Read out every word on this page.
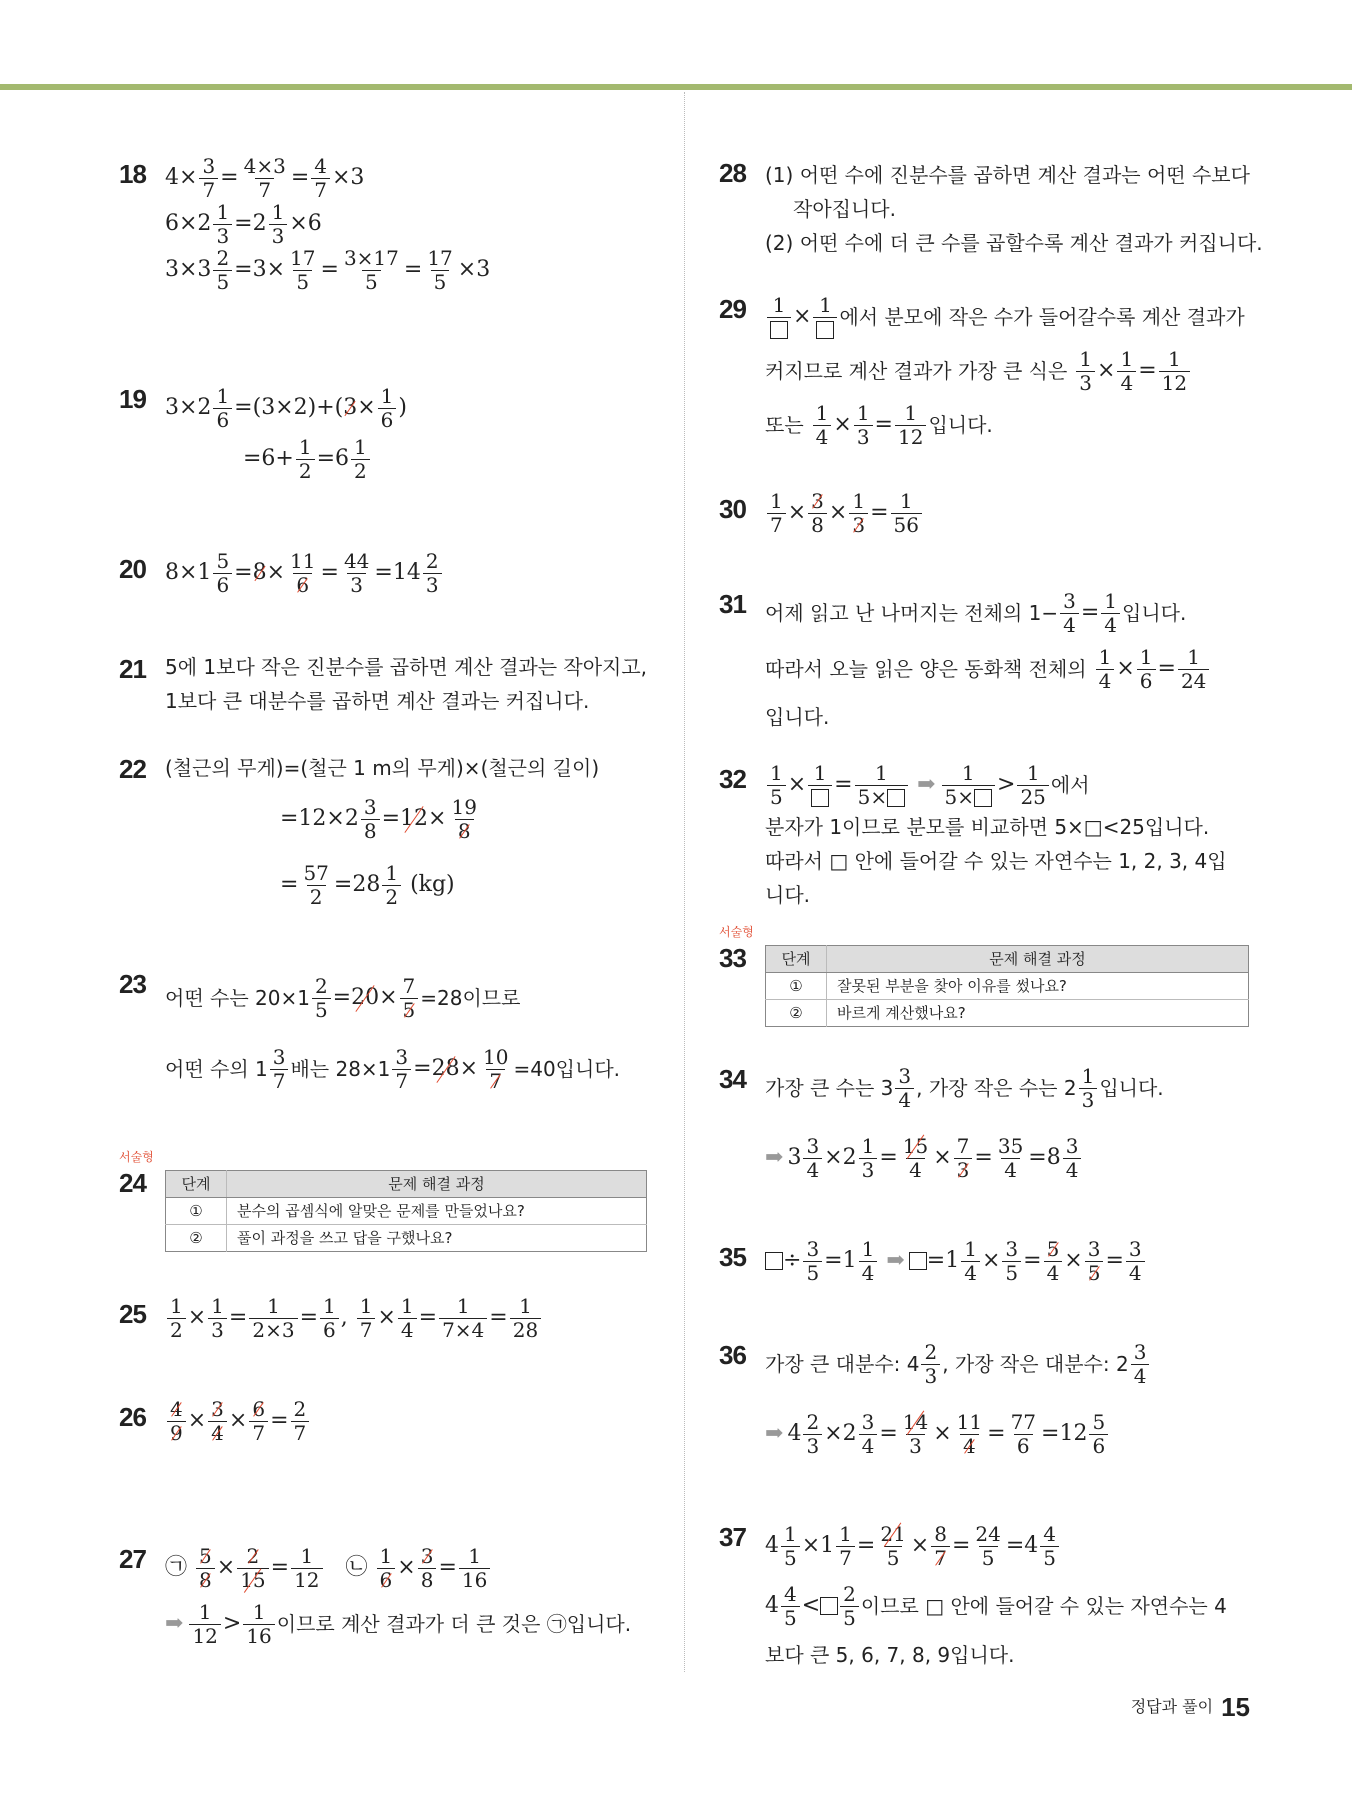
18 $4\times \frac{3}{7} = \frac{4\times 3}{7} = \frac{4}{7} \times 3$
$6\times 2 \frac{1}{3} =2 \frac{1}{3} \times 6$
$3\times 3 \frac{2}{5} =3\times \frac{17}{5} = \frac{3\times 17}{5} = \frac{17}{5} \times 3$
19 $3\times 2 \frac{1}{6} =(3\times 2)+$( $3 \times \frac{1}{6}$ )
$=6+ \frac{1}{2} =6 \frac{1}{2}$
20 $8\times 1 \frac{5}{6} = 8 \times \frac{11}{6} = \frac{44}{3} =14 \frac{2}{3}$
21 5에 1보다 작은 진분수를 곱하면 계산 결과는 작아지고,
1보다 큰 대분수를 곱하면 계산 결과는 커집니다.
22 (철근의 무게)=(철근 1 m의 무게)×(철근의 길이)
$=12\times 2 \frac{3}{8} = 12 \times \frac{19}{8}$
= $\frac{57}{2} =28 \frac{1}{2}$
(kg)
23 어떤 수는 $20\times 1 \frac{2}{5} = 20 \times \frac{7}{5} =28$이므로
어떤 수의 $1 \frac{3}{7}$ 배는 $28\times 1 \frac{3}{7} = 28 \times \frac{10}{7} =40$입니다.
서술형
24 단계	문제 해결 과정
①	분수의 곱셈식에 알맞은 문제를 만들었나요?
②	풀이 과정을 쓰고 답을 구했나요?
$25 \frac{1}{2} \times \frac{1}{3} = \frac{1}{2\times 3} = \frac{1}{6}$ , $\frac{1}{7} \times \frac{1}{4} = \frac{1}{7\times 4} = \frac{1}{28}$
$26 \frac{4}{9} \times \frac{3}{4} \times \frac{6}{7} = \frac{2}{7}$
27 ㉠
$\frac{5}{8} \times \frac{2}{15} = \frac{1}{12}$
㉡
$\frac{1}{6} \times \frac{3}{8} = \frac{1}{16}$
➡ $\frac{1}{12} > \frac{1}{16}$ 이므로 계산 결과가 더 큰 것은 ㉠입니다.
28 (1) 어떤 수에 진분수를 곱하면 계산 결과는 어떤 수보다
작아집니다.
(2) 어떤 수에 더 큰 수를 곱할수록 계산 결과가 커집니다.
29 1 × 1
에서 분모에 작은 수가 들어갈수록 계산 결과가
커지므로 계산 결과가 가장 큰 식은
$\frac{1}{3} \times \frac{1}{4} = \frac{1}{12}$
또는
$\frac{1}{4} \times \frac{1}{3} = \frac{1}{12}$ 입니다.
$30 \frac{1}{7} \times \frac{3}{8} \times \frac{1}{3} = \frac{1}{56}$
31 어제 읽고 난 나머지는 전체의 $1- \frac{3}{4} = \frac{1}{4}$ 입니다.
따라서 오늘 읽은 양은 동화책 전체의
$\frac{1}{4} \times \frac{1}{6} = \frac{1}{24}$
입니다.
$32 \frac{1}{5} \times 1 = \frac{1}{5\times}$
➡ $\frac{1}{5\times} > \frac{1}{25}$ 에서
분자가 1이므로 분모를 비교하면 5×□<25입니다.
따라서 □ 안에 들어갈 수 있는 자연수는 1, 2, 3, 4입
니다.
서술형
33 단계	문제 해결 과정
①	잘못된 부분을 찾아 이유를 썼나요?
②	바르게 계산했나요?
34 가장 큰 수는 $3 \frac{3}{4}$ , 가장 작은 수는 $2 \frac{1}{3}$ 입니다.
➡ $3 \frac{3}{4} \times 2 \frac{1}{3} = \frac{15}{4} \times \frac{7}{3} = \frac{35}{4} =8 \frac{3}{4}$
35	÷ $\frac{3}{5} =1 \frac{1}{4}$
➡ $=1 \frac{1}{4} \times \frac{3}{5} = \frac{5}{4} \times \frac{3}{5} = \frac{3}{4}$
36 가장 큰 대분수: $4 \frac{2}{3}$ , 가장 작은 대분수: $2 \frac{3}{4}$
➡ $4 \frac{2}{3} \times 2 \frac{3}{4} = \frac{14}{3} \times \frac{11}{4} = \frac{77}{6} =12 \frac{5}{6}$
37 $4 \frac{1}{5} \times 1 \frac{1}{7} = \frac{21}{5} \times \frac{8}{7} = \frac{24}{5} =4 \frac{4}{5}$
$4 \frac{4}{5} < \frac{2}{5}$ 이므로 □ 안에 들어갈 수 있는 자연수는 4
보다 큰 5, 6, 7, 8, 9입니다.
정답과 풀이 15
